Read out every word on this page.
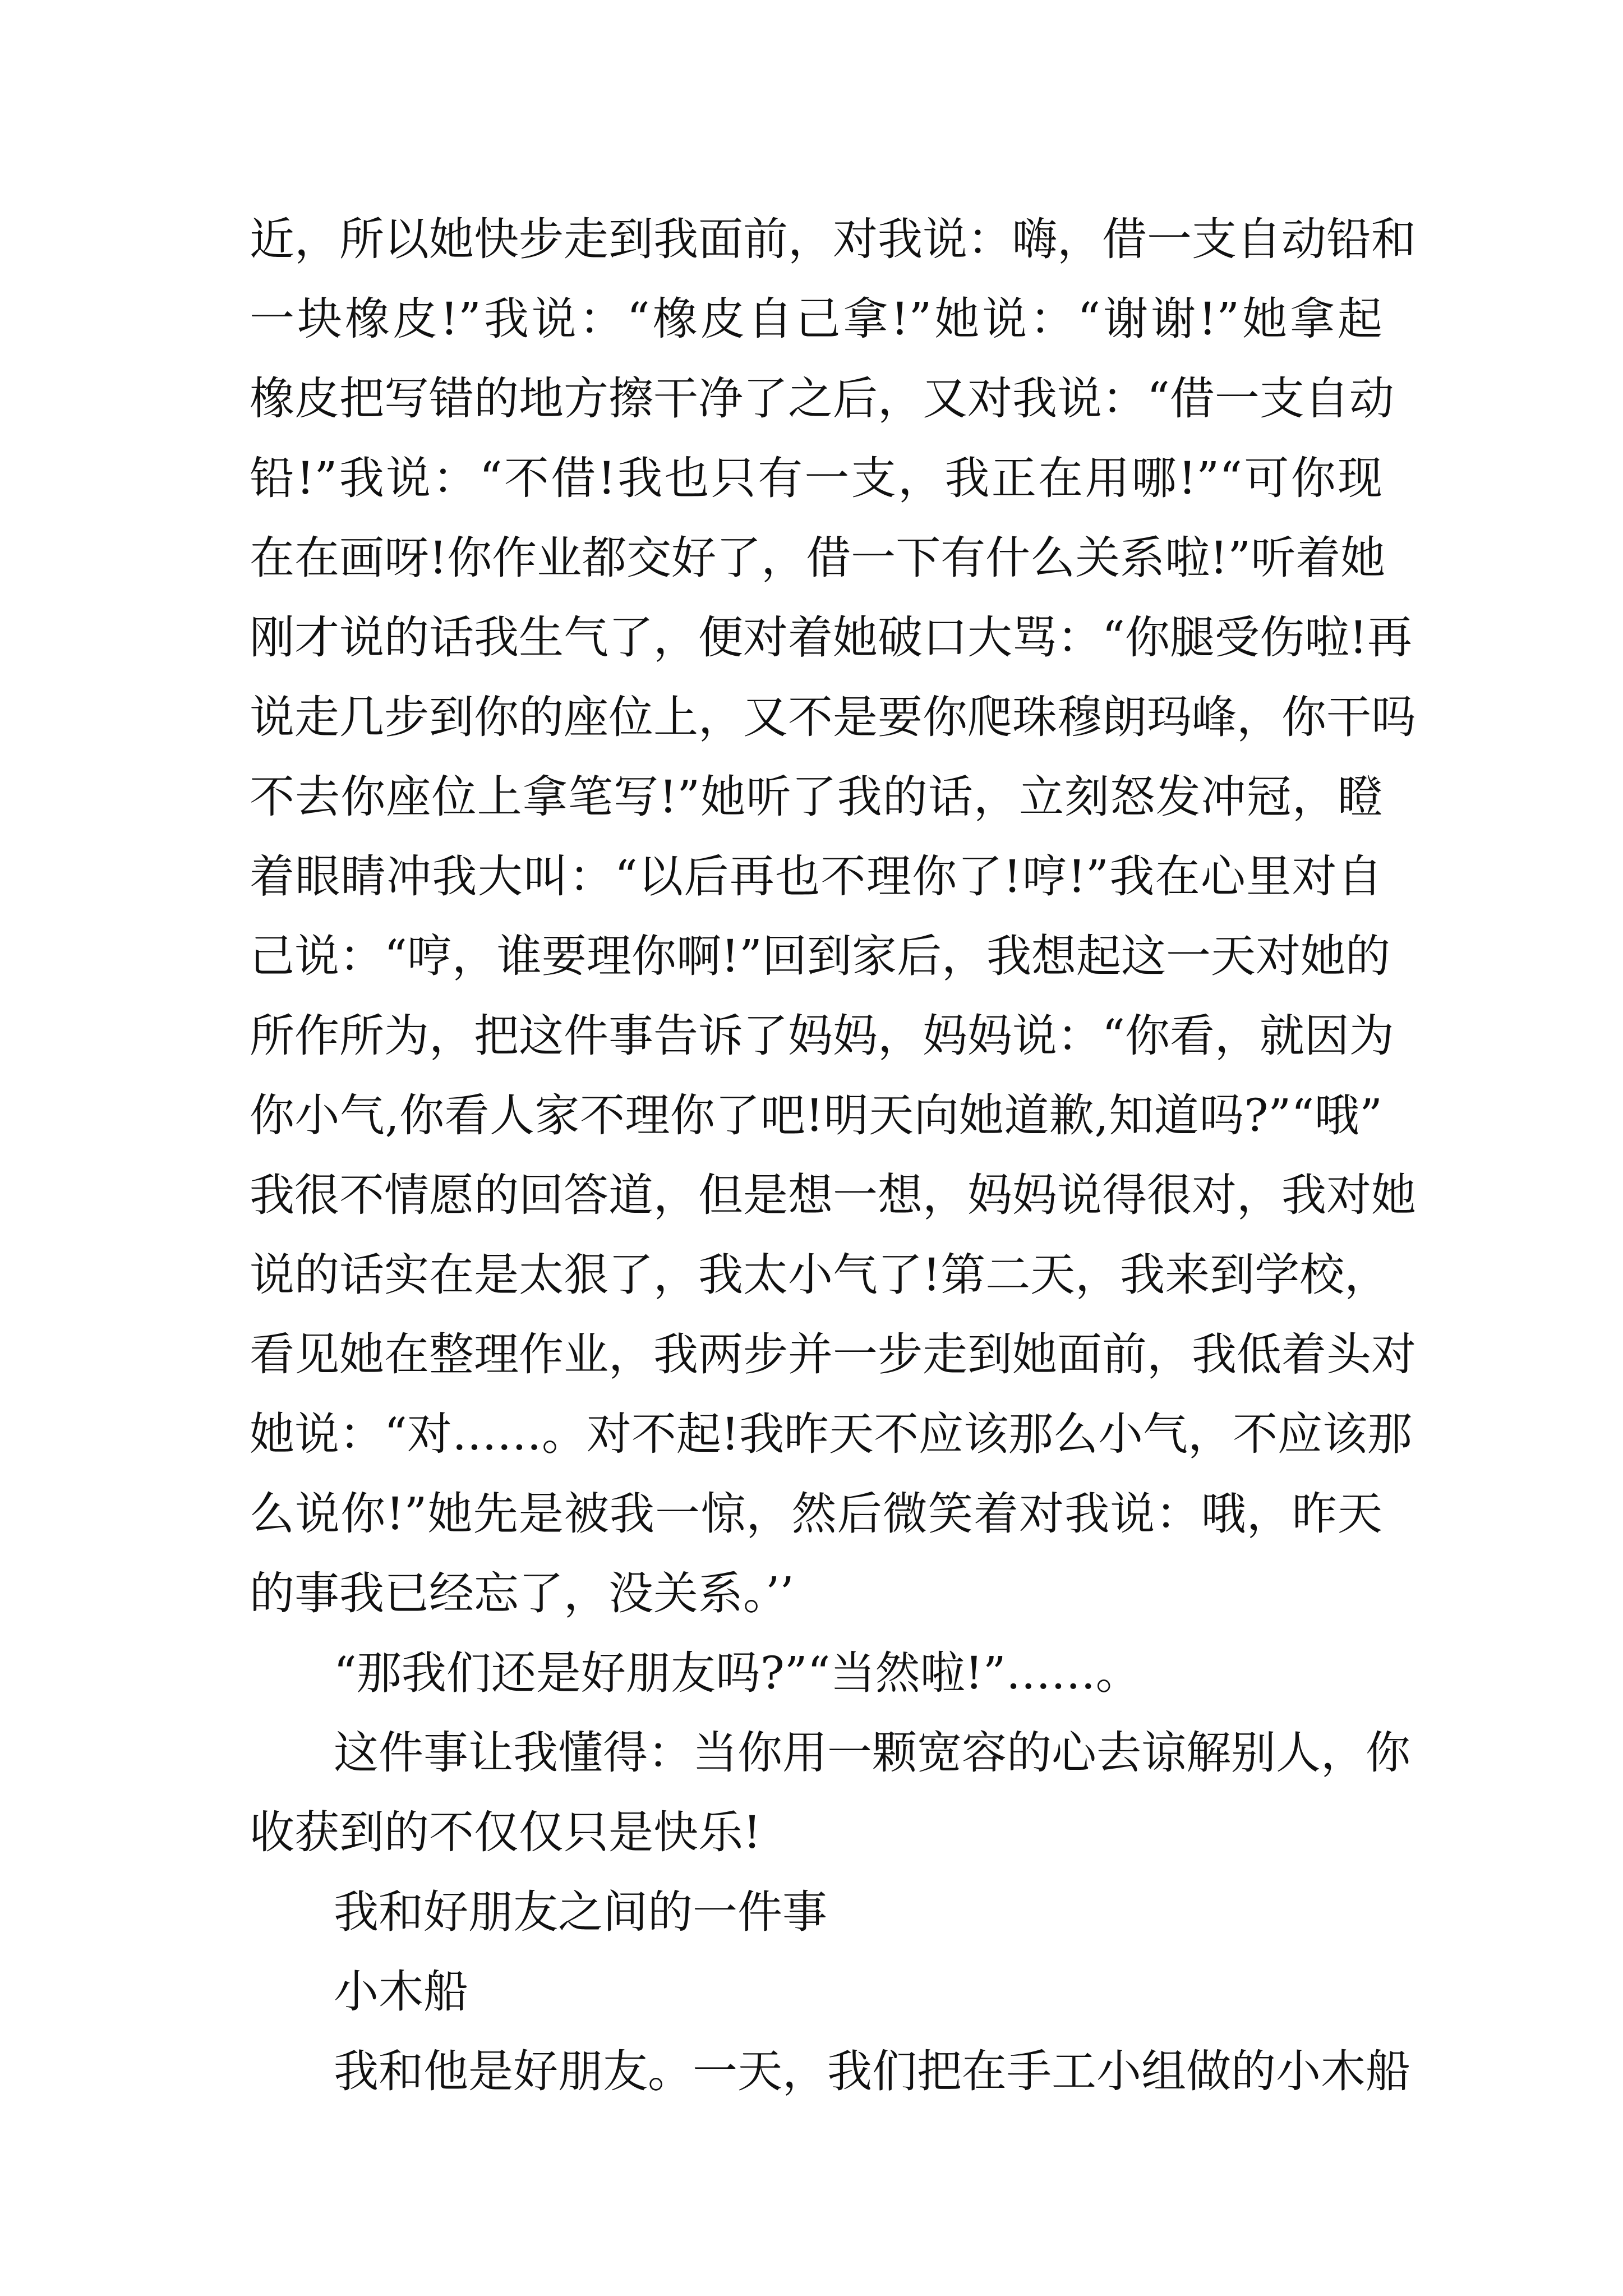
近，所以她快步走到我面前，对我说：嗨，借一支自动铅和
一块橡皮!”我说：“橡皮自己拿!”她说：“谢谢!”她拿起
橡皮把写错的地方擦干净了之后，又对我说：“借一支自动
铅!”我说：“不借!我也只有一支，我正在用哪!”“可你现
在在画呀!你作业都交好了，借一下有什么关系啦!”听着她
刚才说的话我生气了，便对着她破口大骂：“你腿受伤啦!再
说走几步到你的座位上，又不是要你爬珠穆朗玛峰，你干吗
不去你座位上拿笔写!”她听了我的话，立刻怒发冲冠，瞪
着眼睛冲我大叫：“以后再也不理你了!哼!”我在心里对自
己说：“哼，谁要理你啊!”回到家后，我想起这一天对她的
所作所为，把这件事告诉了妈妈，妈妈说：“你看，就因为
你小气,你看人家不理你了吧!明天向她道歉,知道吗?”“哦”
我很不情愿的回答道，但是想一想，妈妈说得很对，我对她
说的话实在是太狠了，我太小气了!第二天，我来到学校，
看见她在整理作业，我两步并一步走到她面前，我低着头对
她说：“对……。对不起!我昨天不应该那么小气，不应该那
么说你!”她先是被我一惊，然后微笑着对我说：哦，昨天
的事我已经忘了，没关系。’’
“那我们还是好朋友吗?”“当然啦!”……。
这件事让我懂得：当你用一颗宽容的心去谅解别人，你
收获到的不仅仅只是快乐!
我和好朋友之间的一件事
小木船
我和他是好朋友。一天，我们把在手工小组做的小木船
